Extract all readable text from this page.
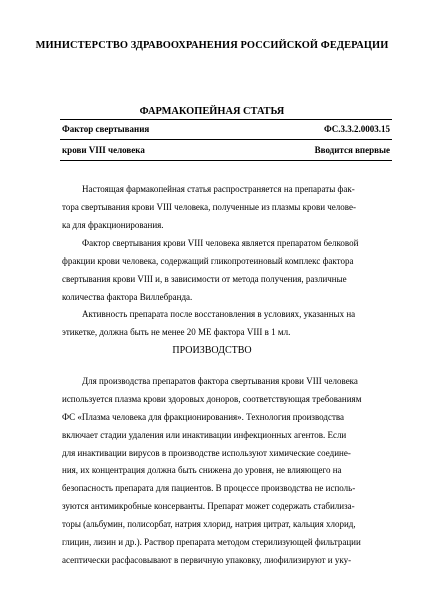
МИНИСТЕРСТВО ЗДРАВООХРАНЕНИЯ РОССИЙСКОЙ ФЕДЕРАЦИИ
ФАРМАКОПЕЙНАЯ СТАТЬЯ
Фактор свертывания	ФС.3.3.2.0003.15
крови VIII человека	Вводится впервые
Настоящая фармакопейная статья распространяется на препараты фак-
тора свертывания крови VIII человека, полученные из плазмы крови челове-
ка для фракционирования.
Фактор свертывания крови VIII человека является препаратом белковой
фракции крови человека, содержащий гликопротеиновый комплекс фактора
свертывания крови VIII и, в зависимости от метода получения, различные
количества фактора Виллебранда.
Активность препарата после восстановления в условиях, указанных на
этикетке, должна быть не менее 20 МЕ фактора VIII в 1 мл.
ПРОИЗВОДСТВО
Для производства препаратов фактора свертывания крови VIII человека
используется плазма крови здоровых доноров, соответствующая требованиям
ФС «Плазма человека для фракционирования». Технология производства
включает стадии удаления или инактивации инфекционных агентов. Если
для инактивации вирусов в производстве используют химические соедине-
ния, их концентрация должна быть снижена до уровня, не влияющего на
безопасность препарата для пациентов. В процессе производства не исполь-
зуются антимикробные консерванты. Препарат может содержать стабилиза-
торы (альбумин, полисорбат, натрия хлорид, натрия цитрат, кальция хлорид,
глицин, лизин и др.). Раствор препарата методом стерилизующей фильтрации
асептически расфасовывают в первичную упаковку, лиофилизируют и уку-
